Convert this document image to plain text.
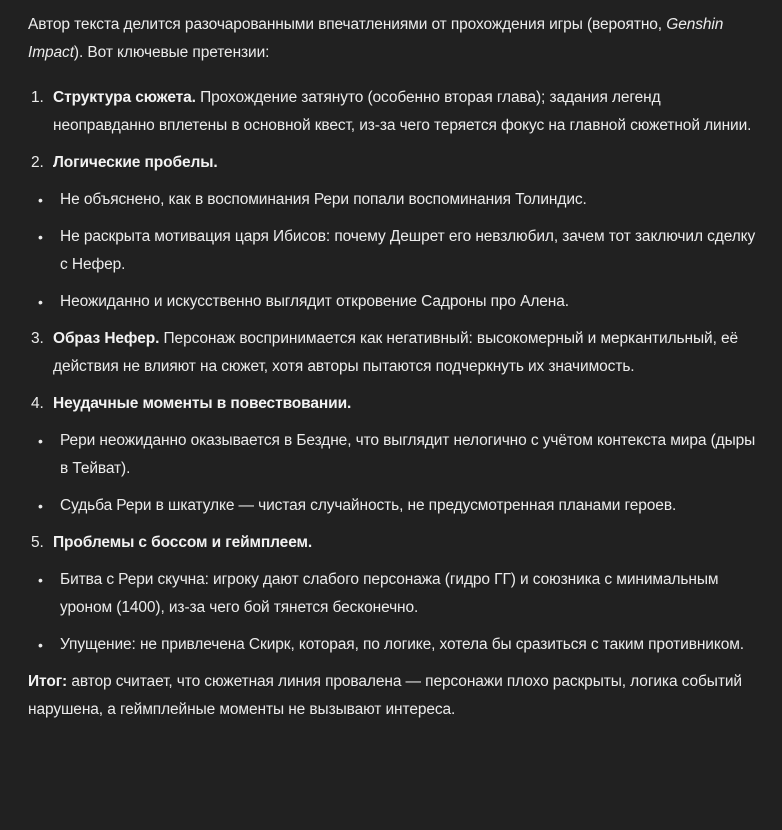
Автор текста делится разочарованными впечатлениями от прохождения игры (вероятно, Genshin Impact). Вот ключевые претензии:
1. Структура сюжета. Прохождение затянуто (особенно вторая глава); задания легенд неоправданно вплетены в основной квест, из-за чего теряется фокус на главной сюжетной линии.
2. Логические пробелы.
•	Не объяснено, как в воспоминания Рери попали воспоминания Толиндис.
•	Не раскрыта мотивация царя Ибисов: почему Дешрет его невзлюбил, зачем тот заключил сделку с Нефер.
•	Неожиданно и искусственно выглядит откровение Садроны про Алена.
3. Образ Нефер. Персонаж воспринимается как негативный: высокомерный и меркантильный, её действия не влияют на сюжет, хотя авторы пытаются подчеркнуть их значимость.
4. Неудачные моменты в повествовании.
•	Рери неожиданно оказывается в Бездне, что выглядит нелогично с учётом контекста мира (дыры в Тейват).
•	Судьба Рери в шкатулке — чистая случайность, не предусмотренная планами героев.
5. Проблемы с боссом и геймплеем.
•	Битва с Рери скучна: игроку дают слабого персонажа (гидро ГГ) и союзника с минимальным уроном (1400), из-за чего бой тянется бесконечно.
•	Упущение: не привлечена Скирк, которая, по логике, хотела бы сразиться с таким противником.
Итог: автор считает, что сюжетная линия провалена — персонажи плохо раскрыты, логика событий нарушена, а геймплейные моменты не вызывают интереса.
